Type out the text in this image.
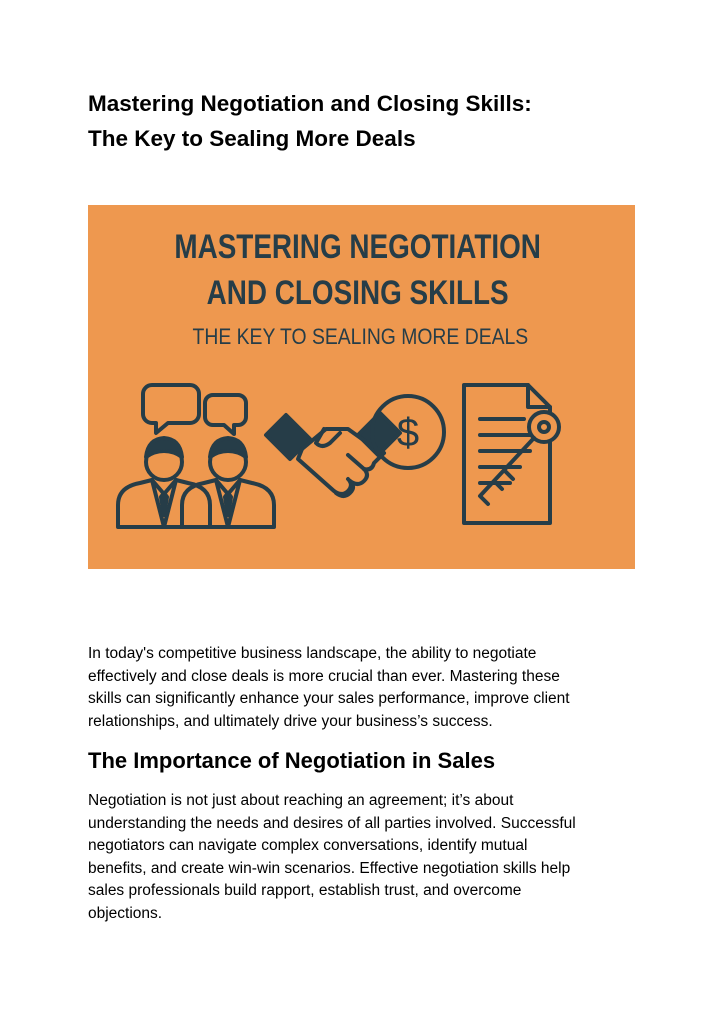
Mastering Negotiation and Closing Skills:
The Key to Sealing More Deals
$
MASTERING NEGOTIATION
AND CLOSING SKILLS
THE KEY TO SEALING MORE DEALS

In today's competitive business landscape, the ability to negotiate
effectively and close deals is more crucial than ever. Mastering these
skills can significantly enhance your sales performance, improve client
relationships, and ultimately drive your business’s success.

The Importance of Negotiation in Sales

Negotiation is not just about reaching an agreement; it’s about
understanding the needs and desires of all parties involved. Successful
negotiators can navigate complex conversations, identify mutual
benefits, and create win-win scenarios. Effective negotiation skills help
sales professionals build rapport, establish trust, and overcome
objections.
